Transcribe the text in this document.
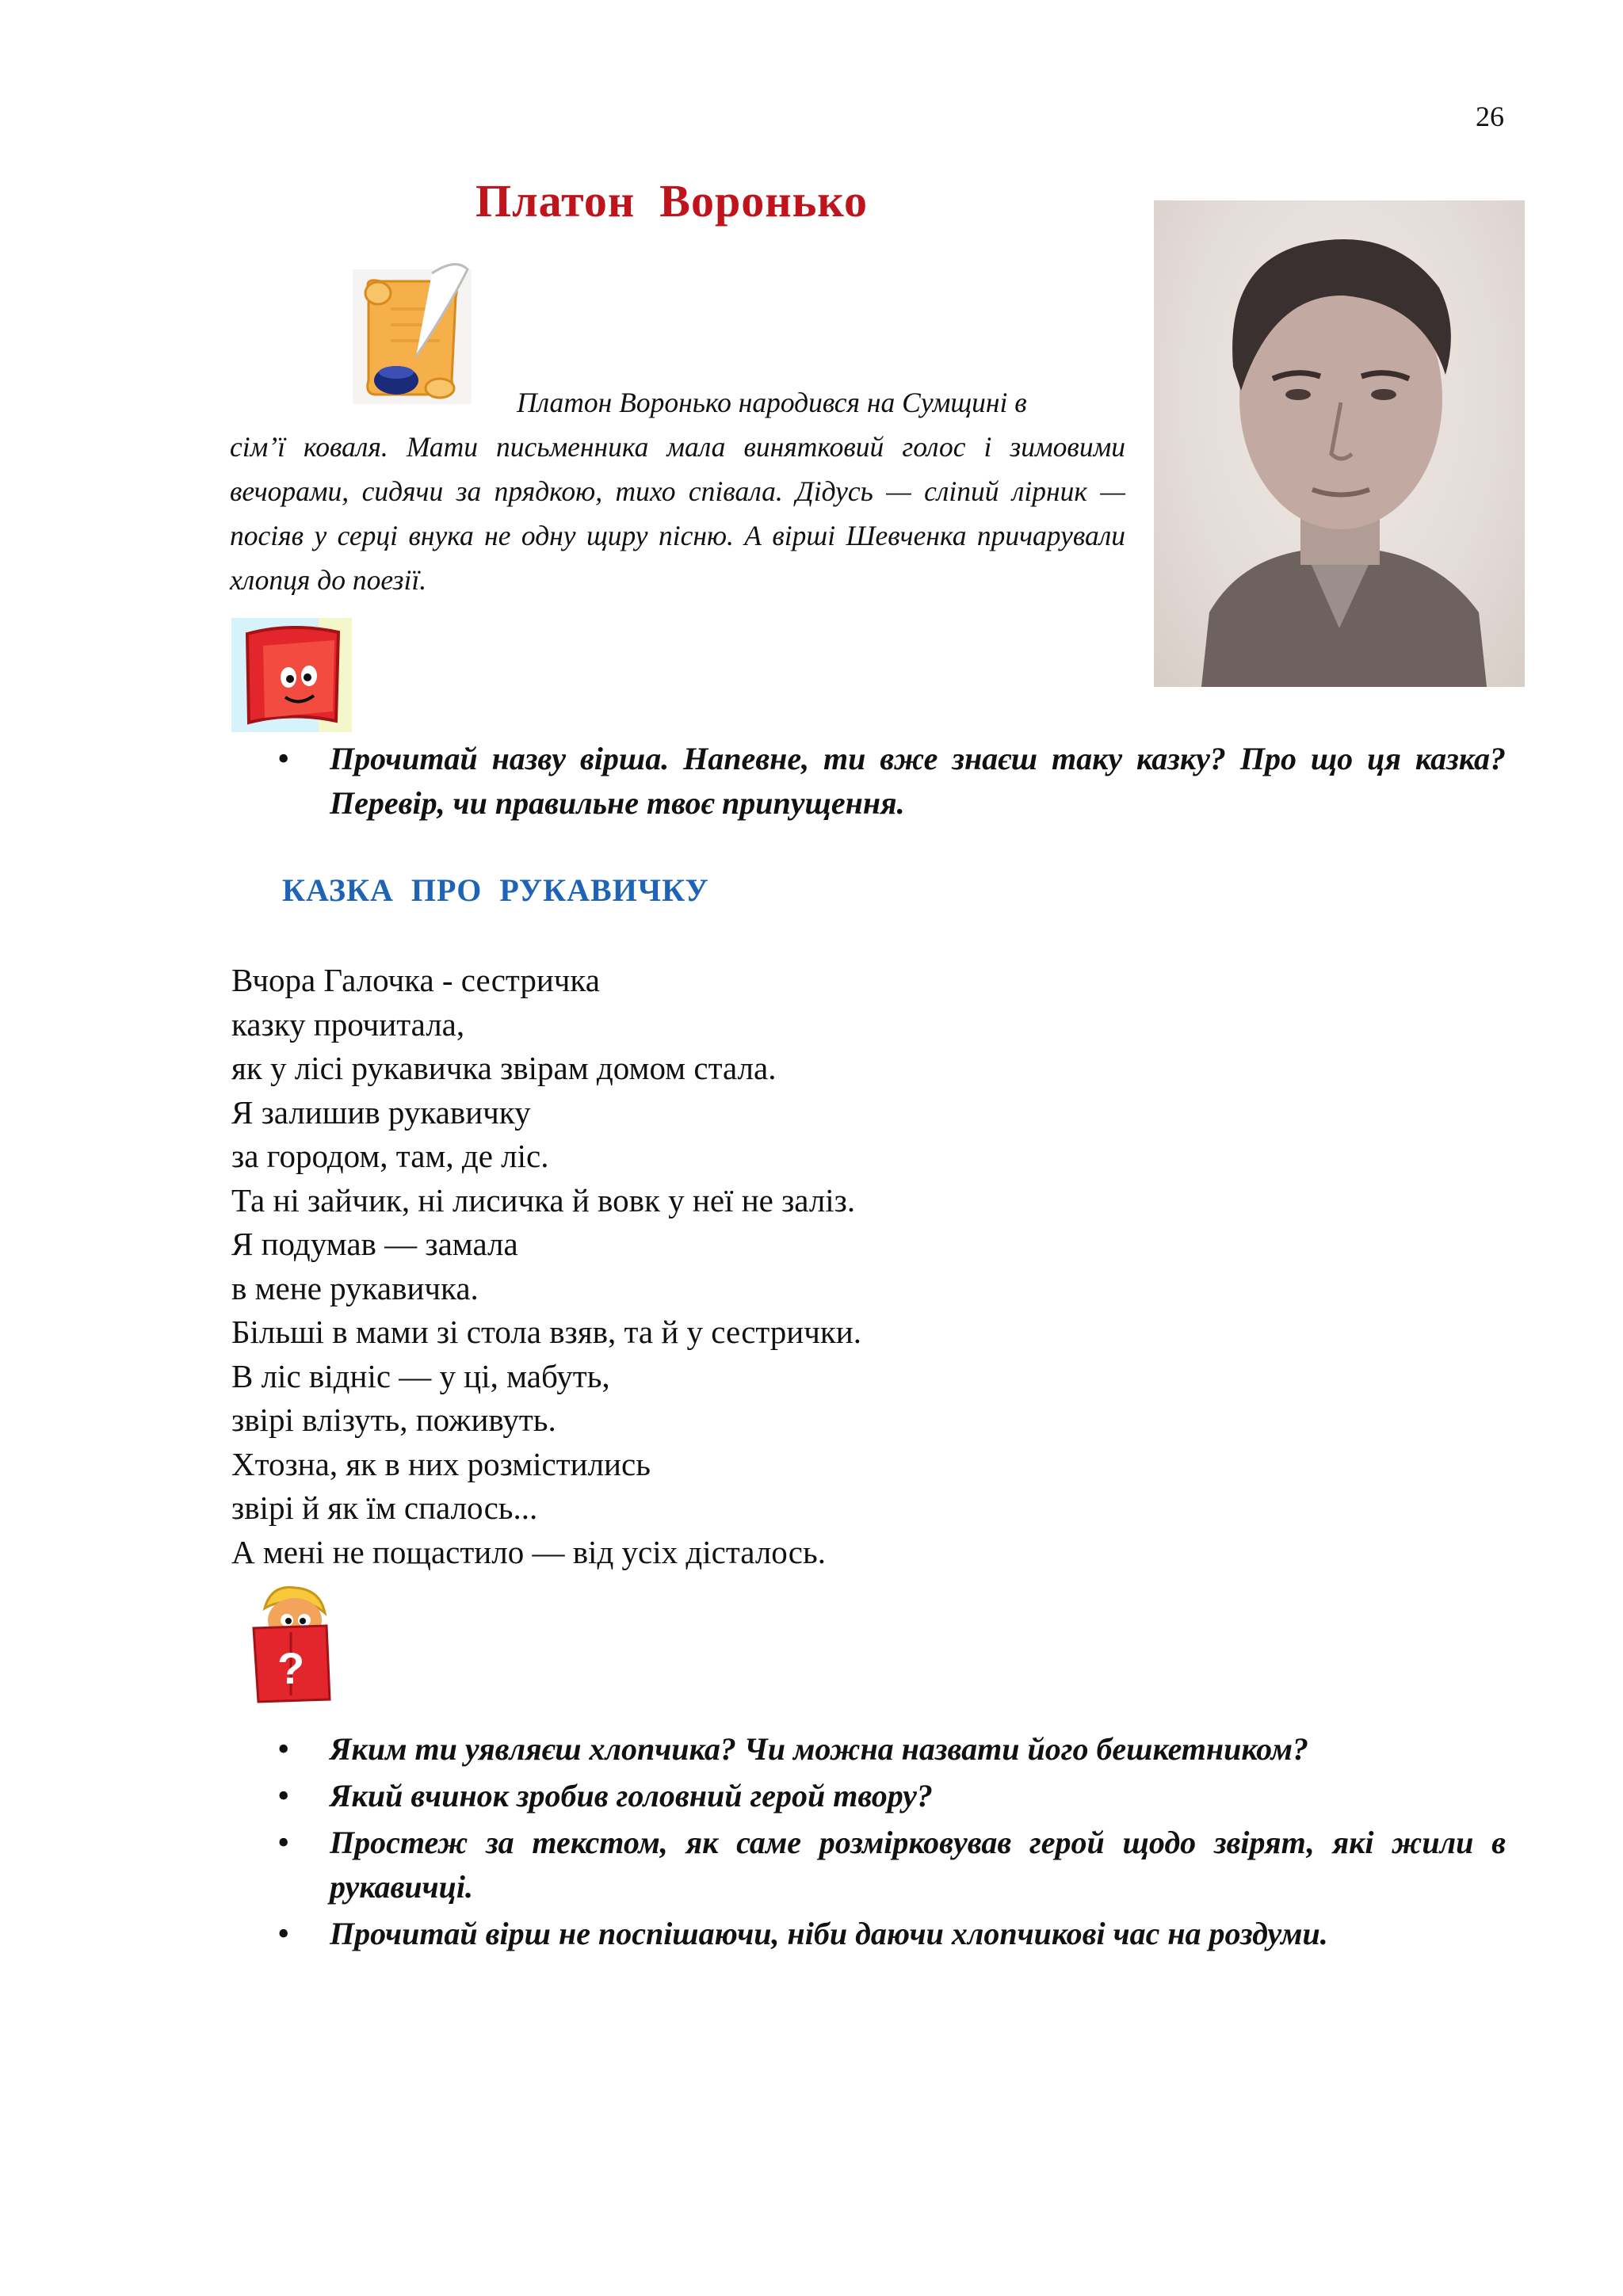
26
Платон  Воронько
Платон Воронько народився на Сумщині в
сім’ї коваля. Мати письменника мала винятковий голос і зимовими вечорами, сидячи за прядкою, тихо співала. Дідусь — сліпий лірник — посіяв у серці внука не одну щиру пісню. А вірші Шевченка причарували хлопця до поезії.
• Прочитай назву вірша. Напевне, ти вже знаєш таку казку? Про що ця казка? Перевір, чи правильне твоє припущення.
КАЗКА  ПРО  РУКАВИЧКУ
Вчора Галочка - сестричка
казку прочитала,
як у лісі рукавичка звірам домом стала.
Я залишив рукавичку
за городом, там, де ліс.
Та ні зайчик, ні лисичка й вовк у неї не заліз.
Я подумав — замала
в мене рукавичка.
Більші в мами зі стола взяв, та й у сестрички.
В ліс відніс — у ці, мабуть,
звірі влізуть, поживуть.
Хтозна, як в них розмістились
звірі й як їм спалось...
А мені не пощастило — від усіх дісталось.
?
• Яким ти уявляєш хлопчика? Чи можна назвати його бешкетником?
• Який вчинок зробив головний герой твору?
• Простеж за текстом, як саме розмірковував герой щодо звірят, які жили в рукавичці.
• Прочитай вірш не поспішаючи, ніби даючи хлопчикові час на роздуми.
